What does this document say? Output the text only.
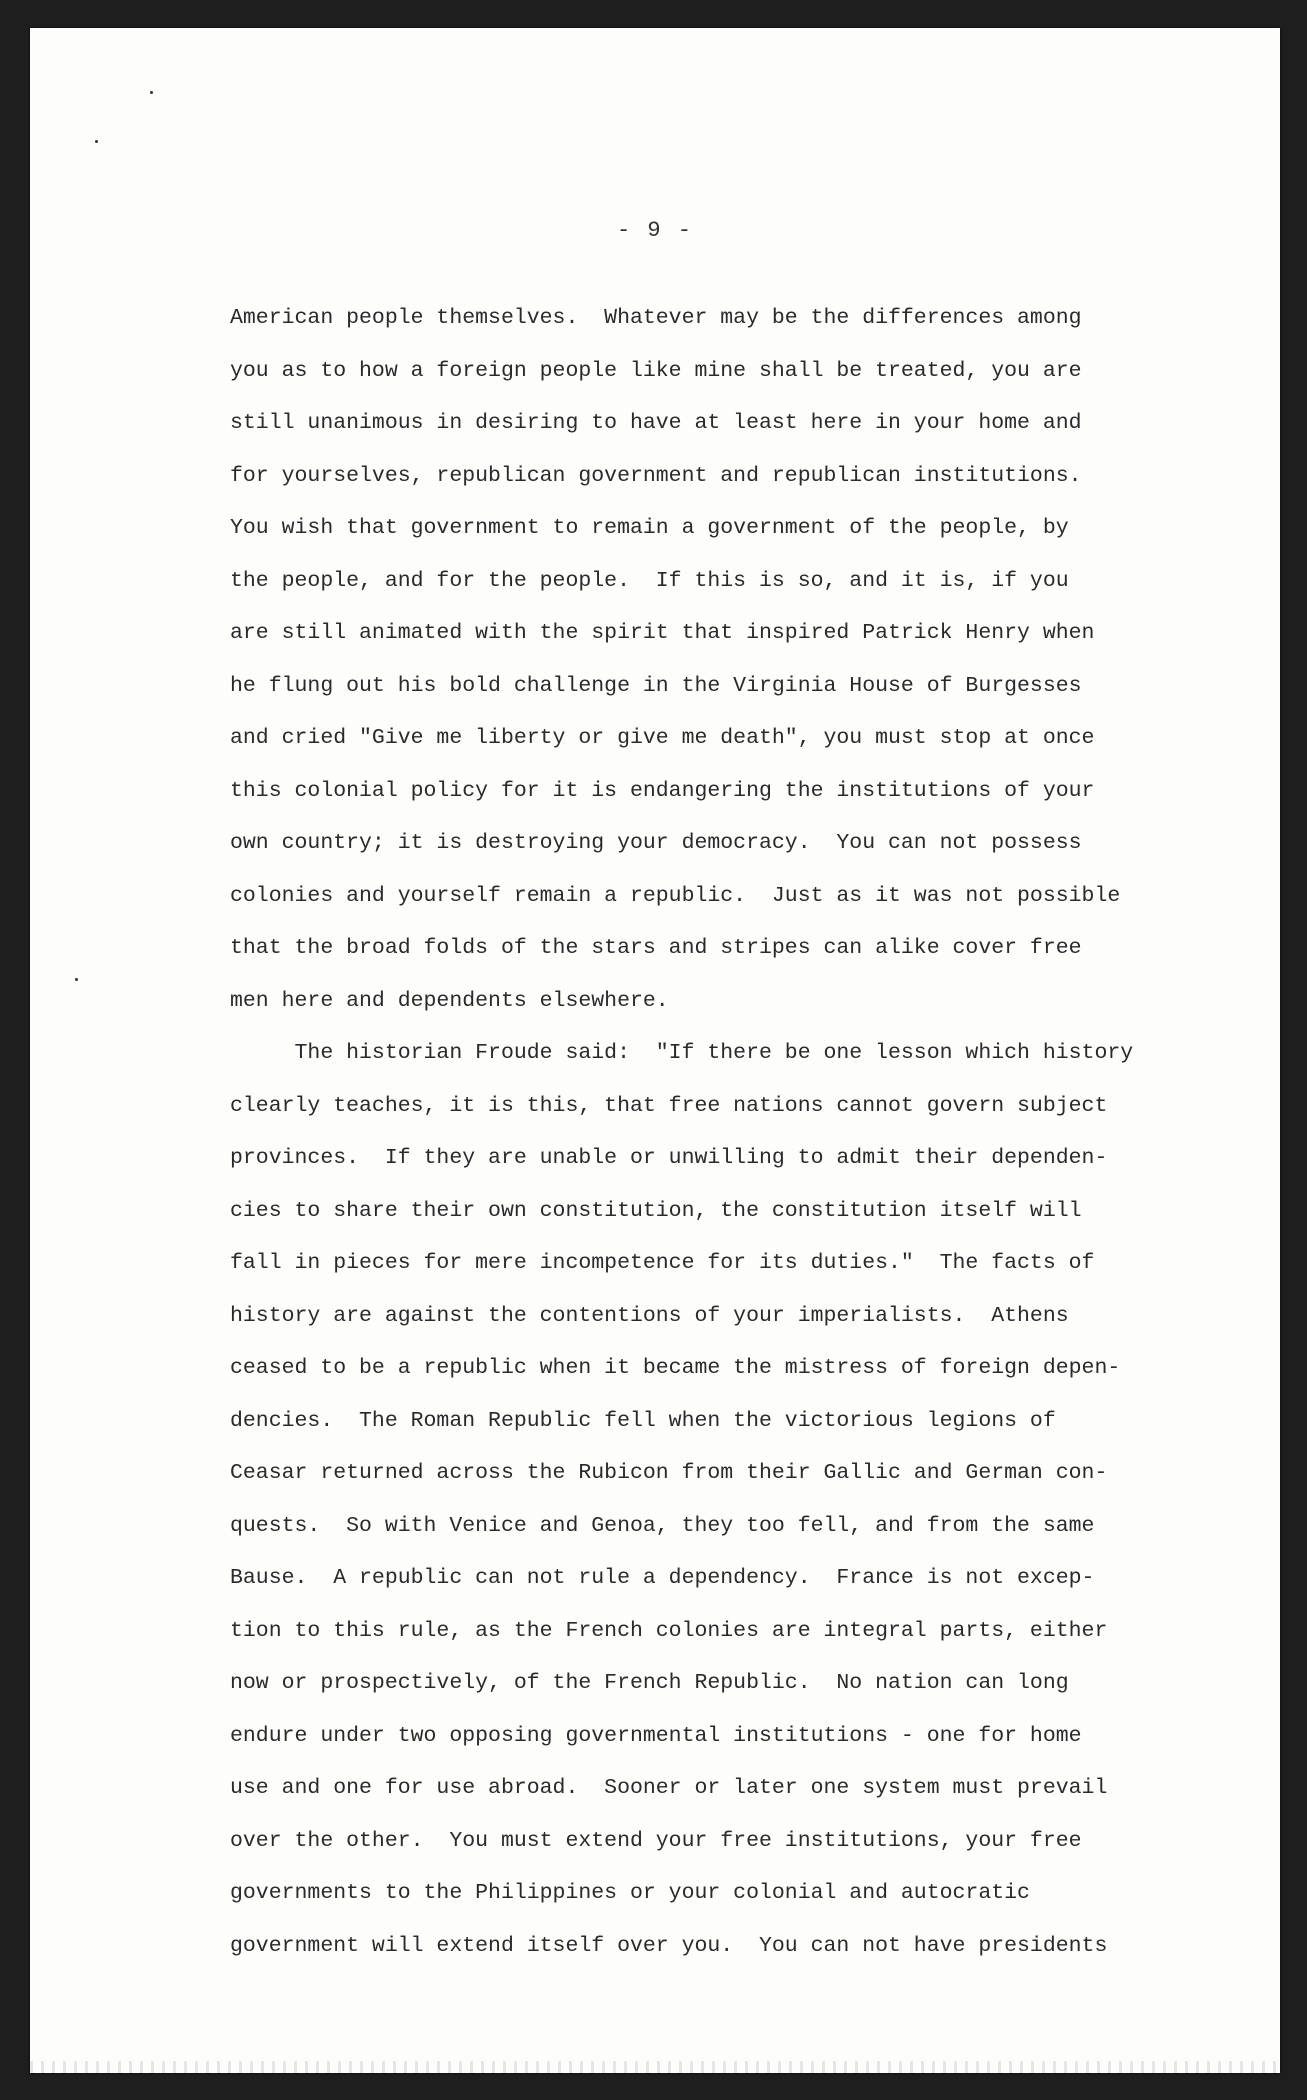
- 9 -
American people themselves.  Whatever may be the differences among
you as to how a foreign people like mine shall be treated, you are
still unanimous in desiring to have at least here in your home and
for yourselves, republican government and republican institutions.
You wish that government to remain a government of the people, by
the people, and for the people.  If this is so, and it is, if you
are still animated with the spirit that inspired Patrick Henry when
he flung out his bold challenge in the Virginia House of Burgesses
and cried "Give me liberty or give me death", you must stop at once
this colonial policy for it is endangering the institutions of your
own country; it is destroying your democracy.  You can not possess
colonies and yourself remain a republic.  Just as it was not possible
that the broad folds of the stars and stripes can alike cover free
men here and dependents elsewhere.
The historian Froude said:  "If there be one lesson which history
clearly teaches, it is this, that free nations cannot govern subject
provinces.  If they are unable or unwilling to admit their dependen-
cies to share their own constitution, the constitution itself will
fall in pieces for mere incompetence for its duties."  The facts of
history are against the contentions of your imperialists.  Athens
ceased to be a republic when it became the mistress of foreign depen-
dencies.  The Roman Republic fell when the victorious legions of
Ceasar returned across the Rubicon from their Gallic and German con-
quests.  So with Venice and Genoa, they too fell, and from the same
Bause.  A republic can not rule a dependency.  France is not excep-
tion to this rule, as the French colonies are integral parts, either
now or prospectively, of the French Republic.  No nation can long
endure under two opposing governmental institutions - one for home
use and one for use abroad.  Sooner or later one system must prevail
over the other.  You must extend your free institutions, your free
governments to the Philippines or your colonial and autocratic
government will extend itself over you.  You can not have presidents
